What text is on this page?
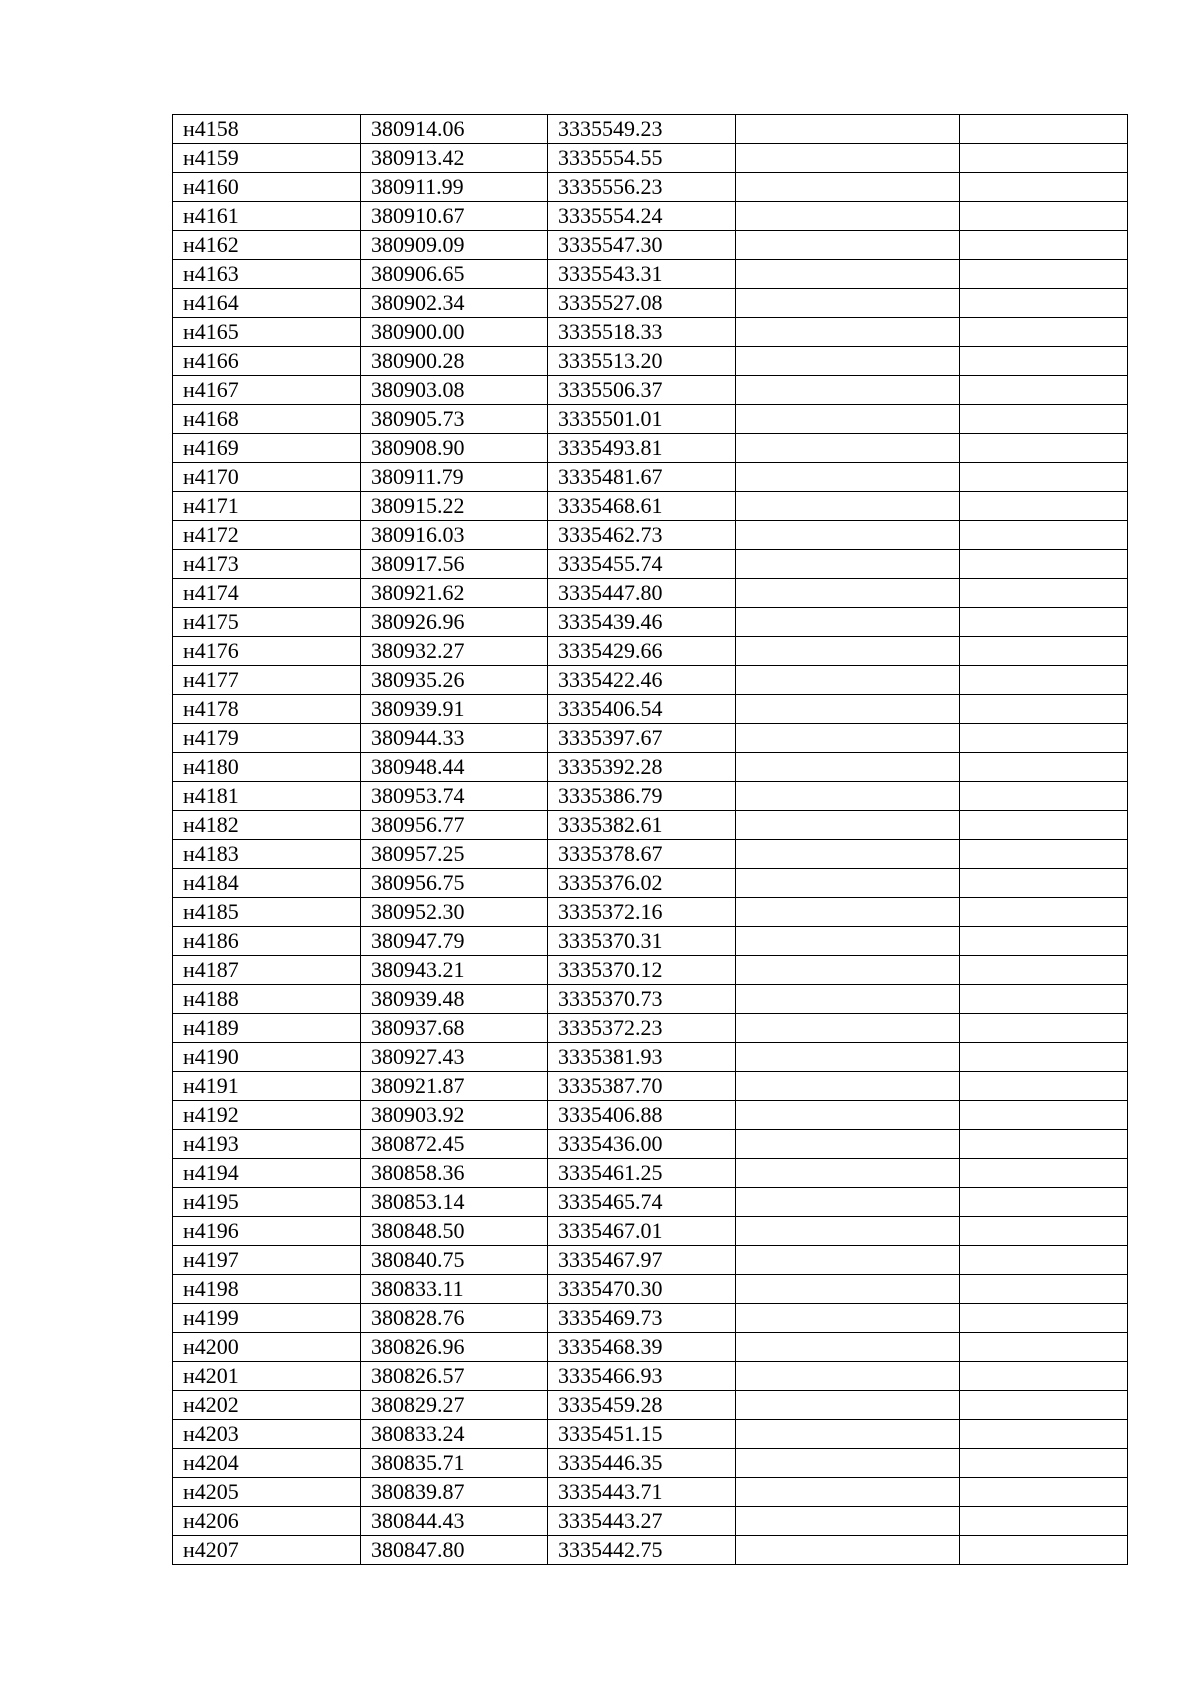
н4158	380914.06	3335549.23		
н4159	380913.42	3335554.55		
н4160	380911.99	3335556.23		
н4161	380910.67	3335554.24		
н4162	380909.09	3335547.30		
н4163	380906.65	3335543.31		
н4164	380902.34	3335527.08		
н4165	380900.00	3335518.33		
н4166	380900.28	3335513.20		
н4167	380903.08	3335506.37		
н4168	380905.73	3335501.01		
н4169	380908.90	3335493.81		
н4170	380911.79	3335481.67		
н4171	380915.22	3335468.61		
н4172	380916.03	3335462.73		
н4173	380917.56	3335455.74		
н4174	380921.62	3335447.80		
н4175	380926.96	3335439.46		
н4176	380932.27	3335429.66		
н4177	380935.26	3335422.46		
н4178	380939.91	3335406.54		
н4179	380944.33	3335397.67		
н4180	380948.44	3335392.28		
н4181	380953.74	3335386.79		
н4182	380956.77	3335382.61		
н4183	380957.25	3335378.67		
н4184	380956.75	3335376.02		
н4185	380952.30	3335372.16		
н4186	380947.79	3335370.31		
н4187	380943.21	3335370.12		
н4188	380939.48	3335370.73		
н4189	380937.68	3335372.23		
н4190	380927.43	3335381.93		
н4191	380921.87	3335387.70		
н4192	380903.92	3335406.88		
н4193	380872.45	3335436.00		
н4194	380858.36	3335461.25		
н4195	380853.14	3335465.74		
н4196	380848.50	3335467.01		
н4197	380840.75	3335467.97		
н4198	380833.11	3335470.30		
н4199	380828.76	3335469.73		
н4200	380826.96	3335468.39		
н4201	380826.57	3335466.93		
н4202	380829.27	3335459.28		
н4203	380833.24	3335451.15		
н4204	380835.71	3335446.35		
н4205	380839.87	3335443.71		
н4206	380844.43	3335443.27		
н4207	380847.80	3335442.75		
